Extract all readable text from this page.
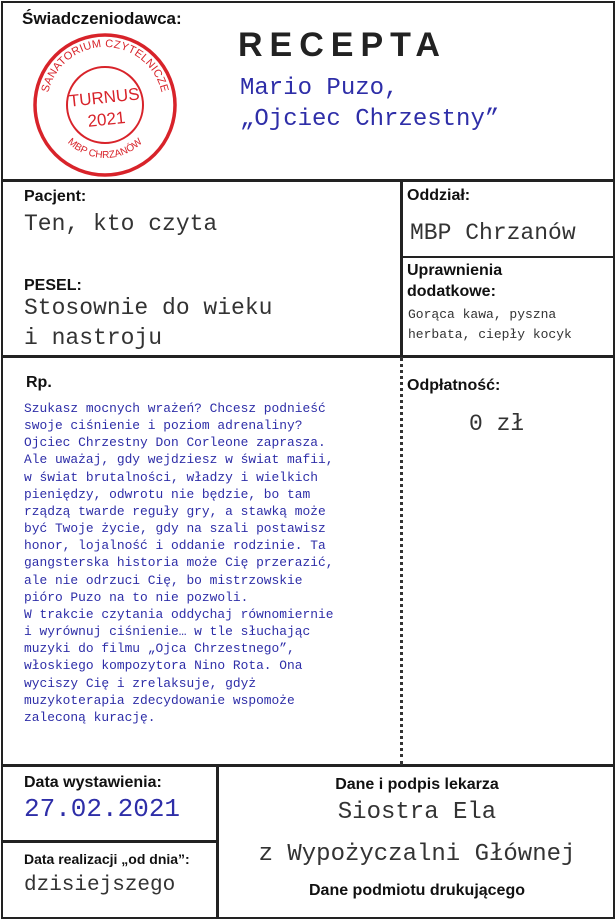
Świadczeniodawca:
SANATORIUM CZYTELNICZE
MBP CHRZANÓW
TURNUS
2021
RECEPTA
Mario Puzo,
„Ojciec Chrzestny”
Pacjent:
Ten, kto czyta
PESEL:
Stosownie do wieku
i nastroju
Oddział:
MBP Chrzanów
Uprawnienia
dodatkowe:
Gorąca kawa, pyszna
herbata, ciepły kocyk
Rp.
Szukasz mocnych wrażeń? Chcesz podnieść
swoje ciśnienie i poziom adrenaliny?
Ojciec Chrzestny Don Corleone zaprasza.
Ale uważaj, gdy wejdziesz w świat mafii,
w świat brutalności, władzy i wielkich
pieniędzy, odwrotu nie będzie, bo tam
rządzą twarde reguły gry, a stawką może
być Twoje życie, gdy na szali postawisz
honor, lojalność i oddanie rodzinie. Ta
gangsterska historia może Cię przerazić,
ale nie odrzuci Cię, bo mistrzowskie
pióro Puzo na to nie pozwoli.
W trakcie czytania oddychaj równomiernie
i wyrównuj ciśnienie… w tle słuchając
muzyki do filmu „Ojca Chrzestnego”,
włoskiego kompozytora Nino Rota. Ona
wyciszy Cię i zrelaksuje, gdyż
muzykoterapia zdecydowanie wspomoże
zaleconą kurację.
Odpłatność:
0 zł
Data wystawienia:
27.02.2021
Data realizacji „od dnia”:
dzisiejszego
Dane i podpis lekarza
Siostra Ela
z Wypożyczalni Głównej
Dane podmiotu drukującego
